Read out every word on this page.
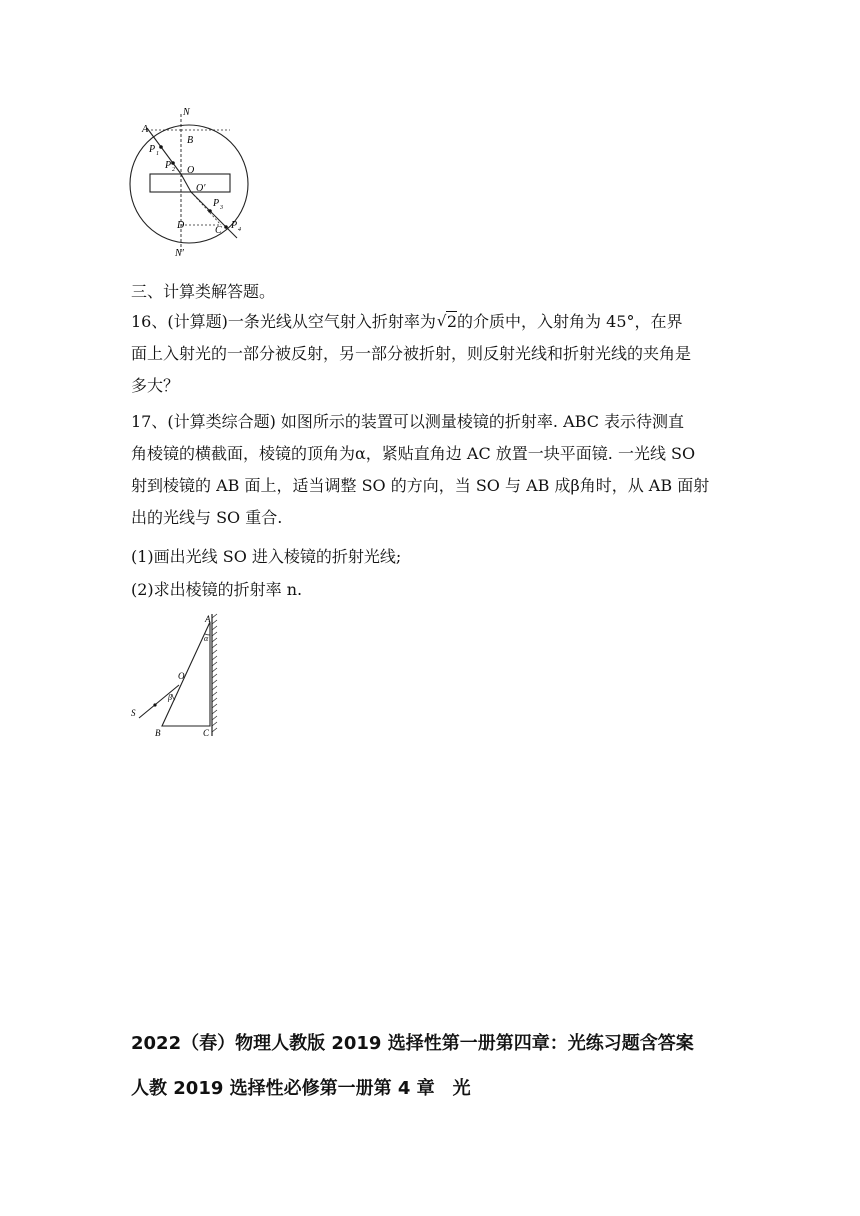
N
A
B
P 1
P 2 O
O′
P 3
D	C P 4
N′
三、计算类解答题。
16、(计算题)一条光线从空气射入折射率为 √ 2的介质中，入射角为 45°，在界
面上入射光的一部分被反射，另一部分被折射，则反射光线和折射光线的夹角是
多大？
17、(计算类综合题) 如图所示的装置可以测量棱镜的折射率. ABC 表示待测直
角棱镜的横截面，棱镜的顶角为α，紧贴直角边 AC 放置一块平面镜. 一光线 SO
射到棱镜的 AB 面上，适当调整 SO 的方向，当 SO 与 AB 成β角时，从 AB 面射
出的光线与 SO 重合.
(1)画出光线 SO 进入棱镜的折射光线;
(2)求出棱镜的折射率 n.
A
α
O
β
S
B	C
2022（春）物理人教版 2019 选择性第一册第四章：光练习题含答案
人教 2019 选择性必修第一册第 4 章　光
